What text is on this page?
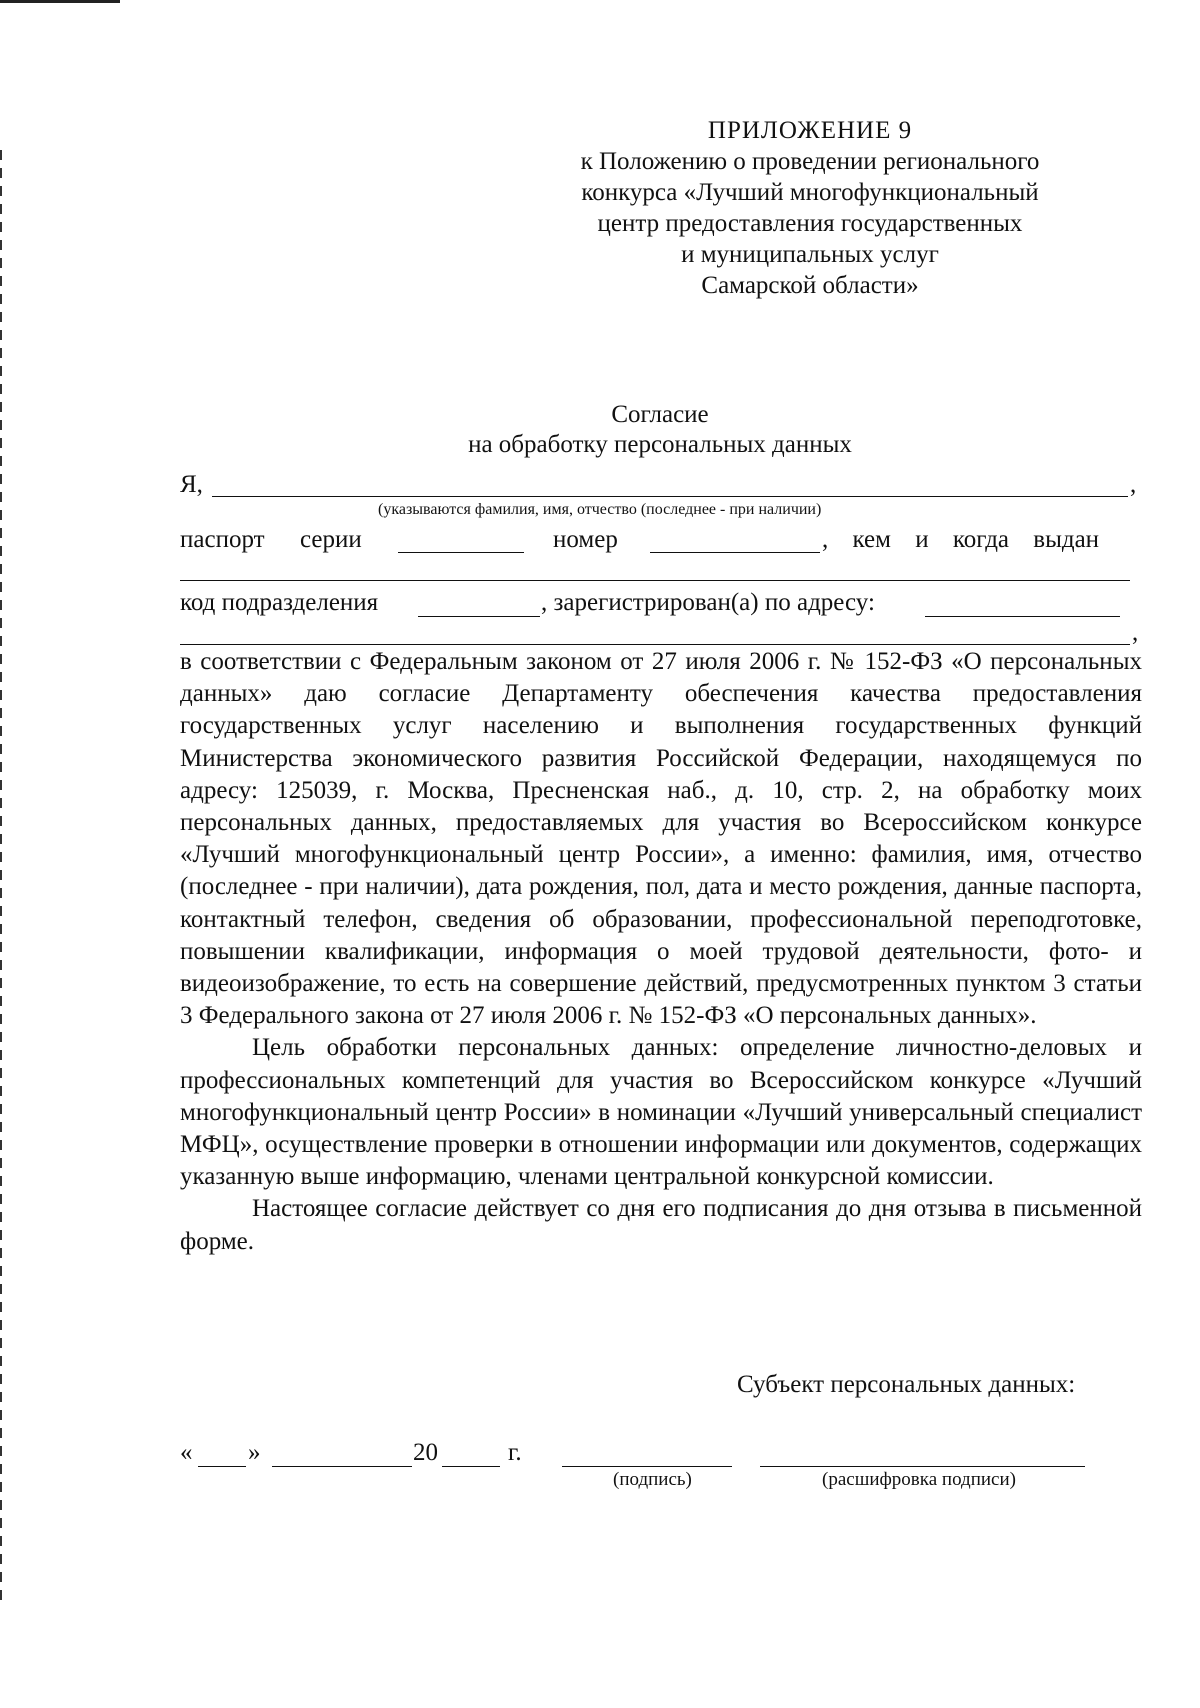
ПРИЛОЖЕНИЕ 9
к Положению о проведении регионального
конкурса «Лучший многофункциональный
центр предоставления государственных
и муниципальных услуг
Самарской области»
Согласие
на обработку персональных данных
Я,	,
(указываются фамилия, имя, отчество (последнее - при наличии)
паспорт серии	номер	, кем и когда выдан
код подразделения	, зарегистрирован(а) по адресу:
,

в соответствии с Федеральным законом от 27 июля 2006 г. № 152-ФЗ «О персональных данных» даю согласие Департаменту обеспечения качества предоставления государственных услуг населению и выполнения государственных функций Министерства экономического развития Российской Федерации, находящемуся по адресу: 125039, г. Москва, Пресненская наб., д. 10, стр. 2, на обработку моих персональных данных, предоставляемых для участия во Всероссийском конкурсе «Лучший многофункциональный центр России», а именно: фамилия, имя, отчество (последнее - при наличии), дата рождения, пол, дата и место рождения, данные паспорта, контактный телефон, сведения об образовании, профессиональной переподготовке, повышении квалификации, информация о моей трудовой деятельности, фото- и видеоизображение, то есть на совершение действий, предусмотренных пунктом 3 статьи 3 Федерального закона от 27 июля 2006 г. № 152-ФЗ «О персональных данных».

Цель обработки персональных данных: определение личностно-деловых и профессиональных компетенций для участия во Всероссийском конкурсе «Лучший многофункциональный центр России» в номинации «Лучший универсальный специалист МФЦ», осуществление проверки в отношении информации или документов, содержащих указанную выше информацию, членами центральной конкурсной комиссии.

Настоящее согласие действует со дня его подписания до дня отзыва в письменной форме.

Субъект персональных данных:
« »	20	г.
(подпись)	(расшифровка подписи)
